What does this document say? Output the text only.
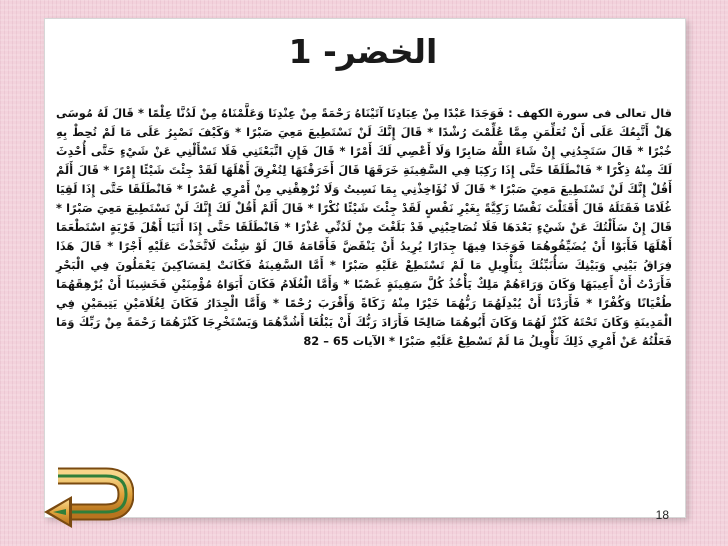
الخضر- 1
قال تعالى فى سورة الكهف : فَوَجَدَا عَبْدًا مِنْ عِبَادِنَا آتَيْنَاهُ رَحْمَةً مِنْ عِنْدِنَا وَعَلَّمْنَاهُ مِنْ لَدُنَّا عِلْمًا * قَالَ لَهُ مُوسَى هَلْ أَتَّبِعُكَ عَلَى أَنْ تُعَلِّمَنِ مِمَّا عُلِّمْتَ رُشْدًا * قَالَ إِنَّكَ لَنْ تَسْتَطِيعَ مَعِيَ صَبْرًا * وَكَيْفَ تَصْبِرُ عَلَى مَا لَمْ تُحِطْ بِهِ خُبْرًا * قَالَ سَتَجِدُنِي إِنْ شَاءَ اللَّهُ صَابِرًا وَلَا أَعْصِي لَكَ أَمْرًا * قَالَ فَإِنِ اتَّبَعْتَنِي فَلَا تَسْأَلْنِي عَنْ شَيْءٍ حَتَّى أُحْدِثَ لَكَ مِنْهُ ذِكْرًا * فَانْطَلَقَا حَتَّى إِذَا رَكِبَا فِي السَّفِينَةِ خَرَقَهَا قَالَ أَخَرَقْتَهَا لِتُغْرِقَ أَهْلَهَا لَقَدْ جِئْتَ شَيْئًا إِمْرًا * قَالَ أَلَمْ أَقُلْ إِنَّكَ لَنْ تَسْتَطِيعَ مَعِيَ صَبْرًا * قَالَ لَا تُؤَاخِذْنِي بِمَا نَسِيتُ وَلَا تُرْهِقْنِي مِنْ أَمْرِي عُسْرًا * فَانْطَلَقَا حَتَّى إِذَا لَقِيَا غُلَامًا فَقَتَلَهُ قَالَ أَقَتَلْتَ نَفْسًا زَكِيَّةً بِغَيْرِ نَفْسٍ لَقَدْ جِئْتَ شَيْئًا نُكْرًا * قَالَ أَلَمْ أَقُلْ لَكَ إِنَّكَ لَنْ تَسْتَطِيعَ مَعِيَ صَبْرًا * قَالَ إِنْ سَأَلْتُكَ عَنْ شَيْءٍ بَعْدَهَا فَلَا تُصَاحِبْنِي قَدْ بَلَغْتَ مِنْ لَدُنِّي عُذْرًا * فَانْطَلَقَا حَتَّى إِذَا أَتَيَا أَهْلَ قَرْيَةٍ اسْتَطْعَمَا أَهْلَهَا فَأَبَوْا أَنْ يُضَيِّفُوهُمَا فَوَجَدَا فِيهَا جِدَارًا يُرِيدُ أَنْ يَنْقَضَّ فَأَقَامَهُ قَالَ لَوْ شِئْتَ لَاتَّخَذْتَ عَلَيْهِ أَجْرًا * قَالَ هَذَا فِرَاقُ بَيْنِي وَبَيْنِكَ سَأُنَبِّئُكَ بِتَأْوِيلِ مَا لَمْ تَسْتَطِعْ عَلَيْهِ صَبْرًا * أَمَّا السَّفِينَةُ فَكَانَتْ لِمَسَاكِينَ يَعْمَلُونَ فِي الْبَحْرِ فَأَرَدْتُ أَنْ أَعِيبَهَا وَكَانَ وَرَاءَهُمْ مَلِكٌ يَأْخُذُ كُلَّ سَفِينَةٍ غَصْبًا * وَأَمَّا الْغُلَامُ فَكَانَ أَبَوَاهُ مُؤْمِنَيْنِ فَخَشِينَا أَنْ يُرْهِقَهُمَا طُغْيَانًا وَكُفْرًا * فَأَرَدْنَا أَنْ يُبْدِلَهُمَا رَبُّهُمَا خَيْرًا مِنْهُ زَكَاةً وَأَقْرَبَ رُحْمًا * وَأَمَّا الْجِدَارُ فَكَانَ لِغُلَامَيْنِ يَتِيمَيْنِ فِي الْمَدِينَةِ وَكَانَ تَحْتَهُ كَنْزٌ لَهُمَا وَكَانَ أَبُوهُمَا صَالِحًا فَأَرَادَ رَبُّكَ أَنْ يَبْلُغَا أَشُدَّهُمَا وَيَسْتَخْرِجَا كَنْزَهُمَا رَحْمَةً مِنْ رَبِّكَ وَمَا فَعَلْتُهُ عَنْ أَمْرِي ذَلِكَ تَأْوِيلُ مَا لَمْ تَسْطِعْ عَلَيْهِ صَبْرًا * الآيات 65 – 82
18
